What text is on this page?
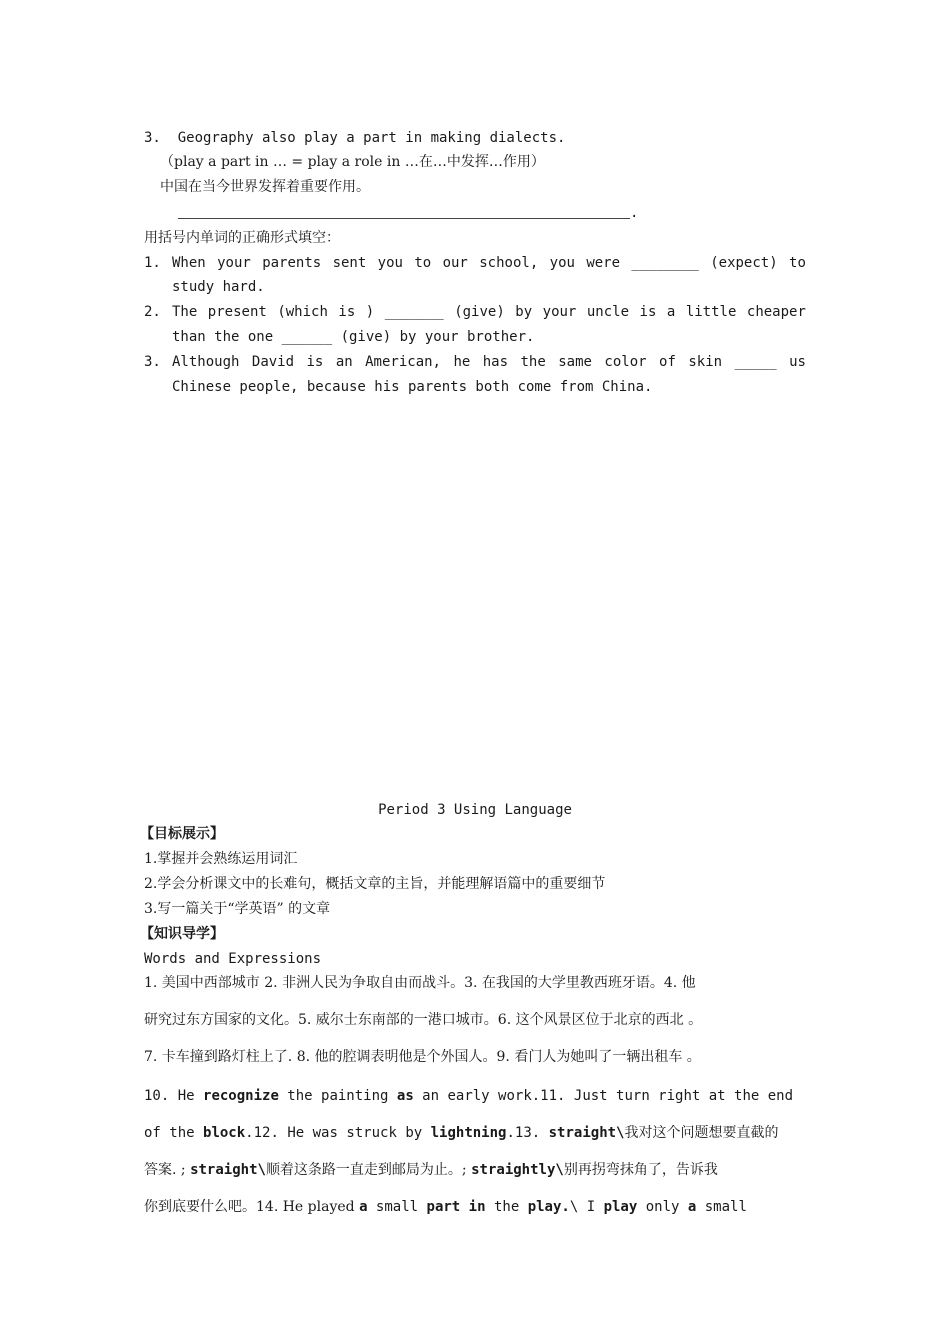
3.  Geography also play a part in making dialects.
（play a part in … = play a role in …在…中发挥…作用）
中国在当今世界发挥着重要作用。
.
用括号内单词的正确形式填空：
1. When your parents sent you to our school, you were ________ (expect) to
study hard.
2. The present (which is ) _______ (give) by your uncle is a little cheaper
than the one ______ (give) by your brother.
3. Although David is an American, he has the same color of skin _____ us
Chinese people, because his parents both come from China.
Period 3 Using Language
【目标展示】
1.掌握并会熟练运用词汇
2.学会分析课文中的长难句，概括文章的主旨，并能理解语篇中的重要细节
3.写一篇关于“学英语” 的文章
【知识导学】
Words and Expressions
1. 美国中西部城市 2. 非洲人民为争取自由而战斗。3. 在我国的大学里教西班牙语。4. 他
研究过东方国家的文化。5. 威尔士东南部的一港口城市。6. 这个风景区位于北京的西北 。
7. 卡车撞到路灯柱上了. 8. 他的腔调表明他是个外国人。9. 看门人为她叫了一辆出租车 。
10. He recognize the painting as an early work.11. Just turn right at the end
of the block.12. He was struck by lightning.13. straight\我对这个问题想要直截的
答案. ; straight\顺着这条路一直走到邮局为止。; straightly\别再拐弯抹角了，告诉我
你到底要什么吧。14. He played a small part in the play.\ I play only a small
